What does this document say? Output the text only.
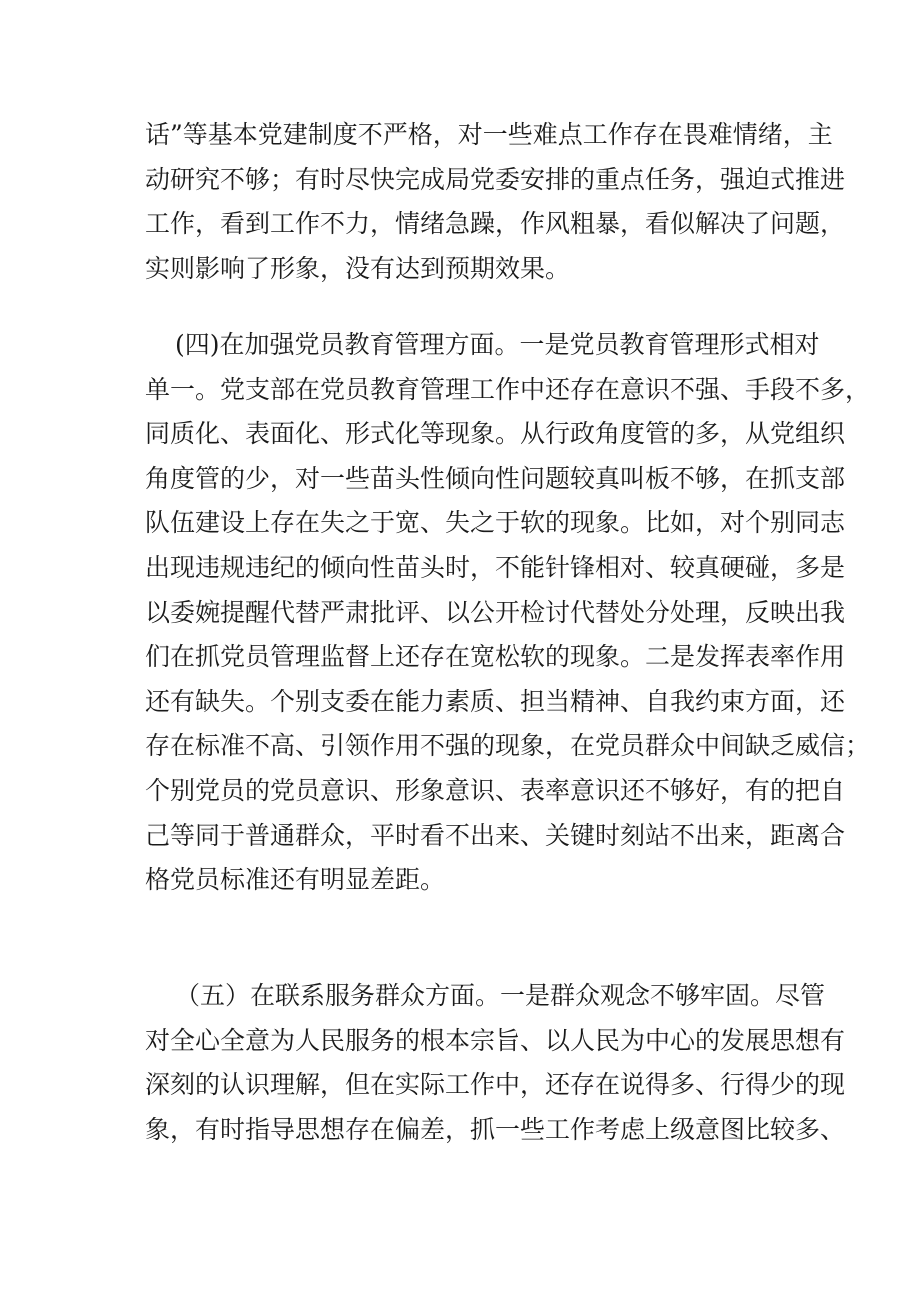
话”等基本党建制度不严格，对一些难点工作存在畏难情绪，主
动研究不够；有时尽快完成局党委安排的重点任务，强迫式推进
工作，看到工作不力，情绪急躁，作风粗暴，看似解决了问题，
实则影响了形象，没有达到预期效果。
(四)在加强党员教育管理方面。一是党员教育管理形式相对
单一。党支部在党员教育管理工作中还存在意识不强、手段不多，
同质化、表面化、形式化等现象。从行政角度管的多，从党组织
角度管的少，对一些苗头性倾向性问题较真叫板不够，在抓支部
队伍建设上存在失之于宽、失之于软的现象。比如，对个别同志
出现违规违纪的倾向性苗头时，不能针锋相对、较真硬碰，多是
以委婉提醒代替严肃批评、以公开检讨代替处分处理，反映出我
们在抓党员管理监督上还存在宽松软的现象。二是发挥表率作用
还有缺失。个别支委在能力素质、担当精神、自我约束方面，还
存在标准不高、引领作用不强的现象，在党员群众中间缺乏威信；
个别党员的党员意识、形象意识、表率意识还不够好，有的把自
己等同于普通群众，平时看不出来、关键时刻站不出来，距离合
格党员标准还有明显差距。
（五）在联系服务群众方面。一是群众观念不够牢固。尽管
对全心全意为人民服务的根本宗旨、以人民为中心的发展思想有
深刻的认识理解，但在实际工作中，还存在说得多、行得少的现
象，有时指导思想存在偏差，抓一些工作考虑上级意图比较多、
